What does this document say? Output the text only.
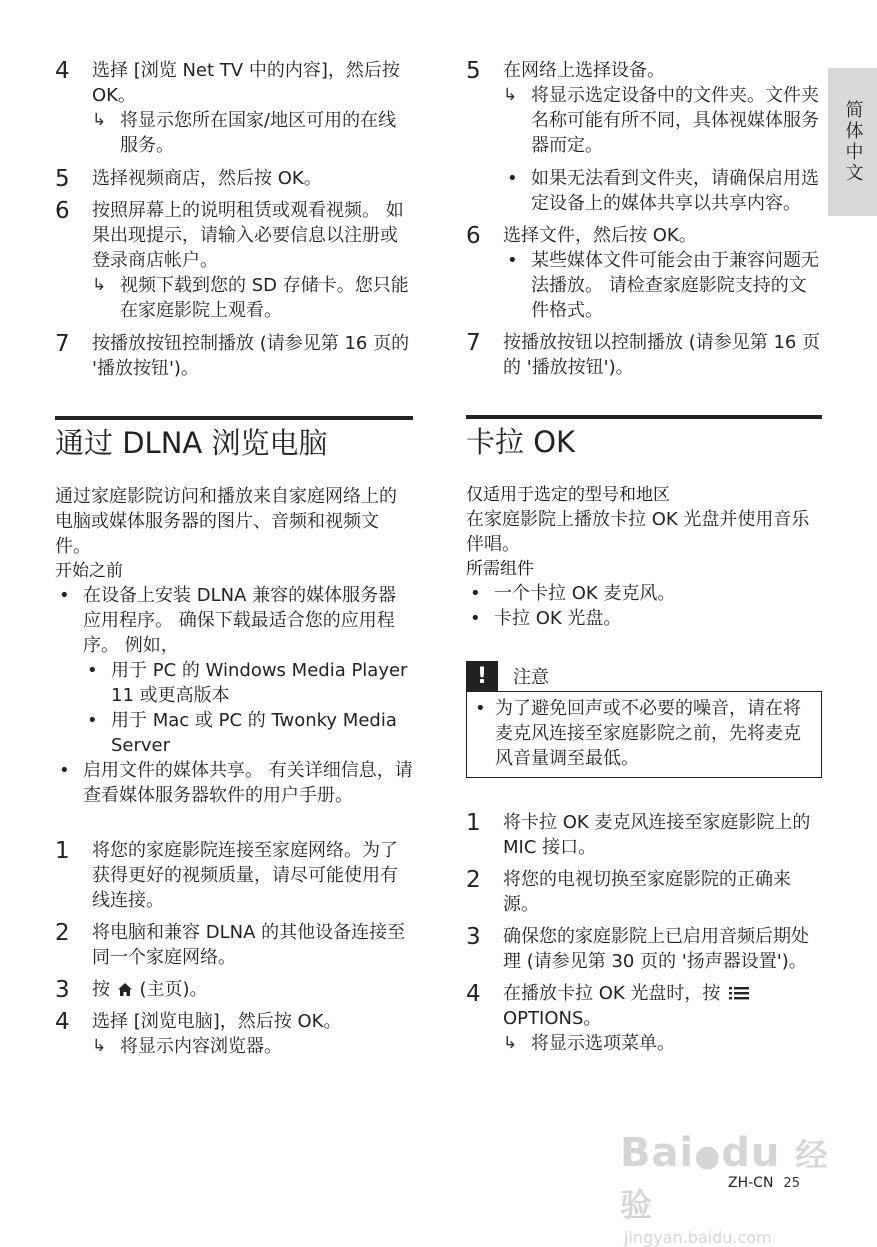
简体中文
4 选择 [浏览 Net TV 中的内容]，然后按 OK。
↳ 将显示您所在国家/地区可用的在线服务。
5 选择视频商店，然后按 OK。
6 按照屏幕上的说明租赁或观看视频。 如果出现提示，请输入必要信息以注册或登录商店帐户。
↳ 视频下载到您的 SD 存储卡。您只能在家庭影院上观看。
7 按播放按钮控制播放 (请参见第 16 页的 '播放按钮')。
通过 DLNA 浏览电脑

通过家庭影院访问和播放来自家庭网络上的电脑或媒体服务器的图片、音频和视频文件。

开始之前

• 在设备上安装 DLNA 兼容的媒体服务器应用程序。 确保下载最适合您的应用程序。 例如，
• 用于 PC 的 Windows Media Player 11 或更高版本
• 用于 Mac 或 PC 的 Twonky Media Server
• 启用文件的媒体共享。 有关详细信息，请查看媒体服务器软件的用户手册。
1 将您的家庭影院连接至家庭网络。为了获得更好的视频质量，请尽可能使用有线连接。
2 将电脑和兼容 DLNA 的其他设备连接至同一个家庭网络。
3 按 (主页)。
4 选择 [浏览电脑]，然后按 OK。
↳ 将显示内容浏览器。
5 在网络上选择设备。
↳ 将显示选定设备中的文件夹。文件夹名称可能有所不同，具体视媒体服务器而定。
• 如果无法看到文件夹，请确保启用选定设备上的媒体共享以共享内容。
6 选择文件，然后按 OK。
• 某些媒体文件可能会由于兼容问题无法播放。 请检查家庭影院支持的文件格式。
7 按播放按钮以控制播放 (请参见第 16 页的 '播放按钮')。
卡拉 OK

仅适用于选定的型号和地区

在家庭影院上播放卡拉 OK 光盘并使用音乐伴唱。

所需组件

• 一个卡拉 OK 麦克风。
• 卡拉 OK 光盘。
!	注意
• 为了避免回声或不必要的噪音，请在将麦克风连接至家庭影院之前，先将麦克风音量调至最低。
1 将卡拉 OK 麦克风连接至家庭影院上的 MIC 接口。
2 将您的电视切换至家庭影院的正确来源。
3 确保您的家庭影院上已启用音频后期处理 (请参见第 30 页的 '扬声器设置')。
4 在播放卡拉 OK 光盘时，按
OPTIONS。
↳ 将显示选项菜单。
Bai●du 经验
jingyan.baidu.com
ZH-CN 25
